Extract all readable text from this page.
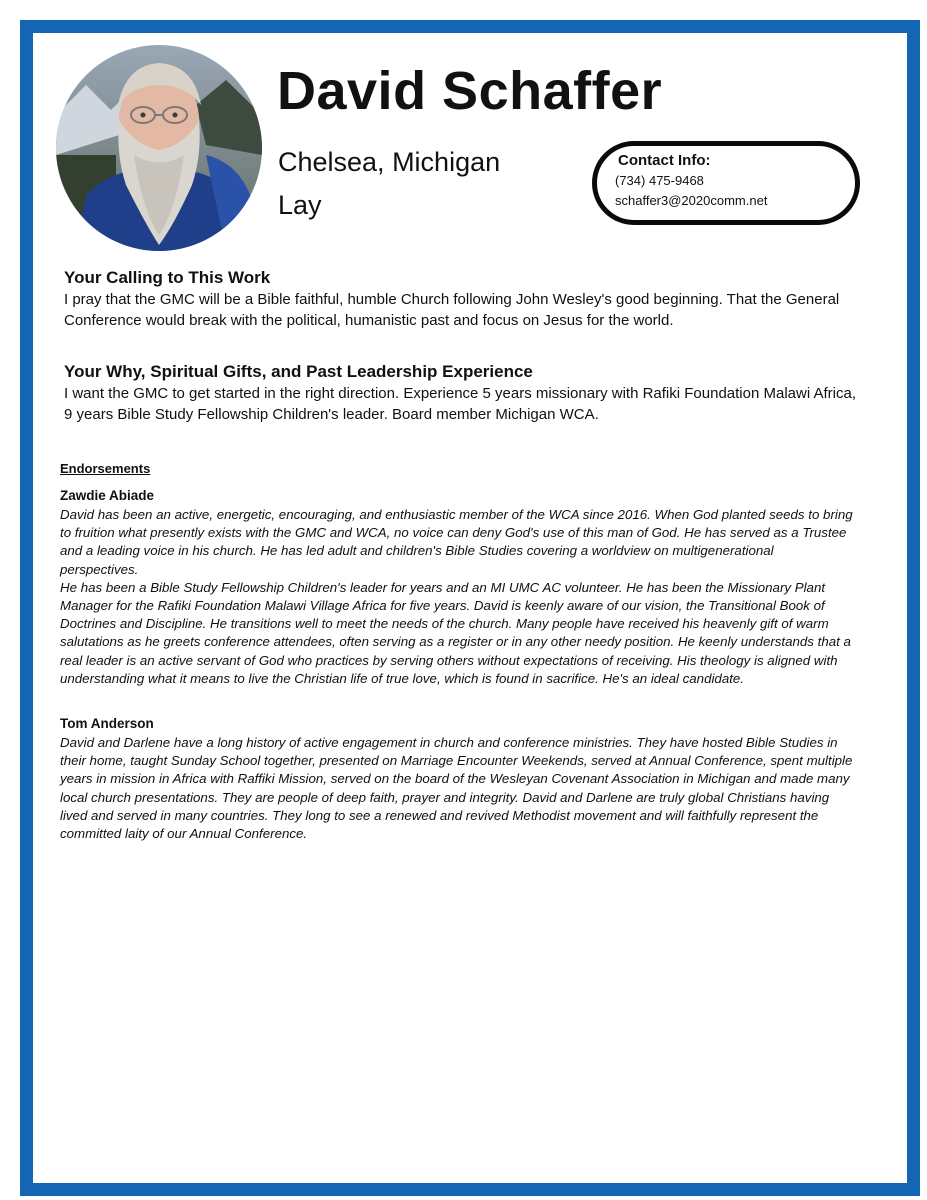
David Schaffer
Chelsea, Michigan
Lay
Contact Info:
(734) 475-9468
schaffer3@2020comm.net
Your Calling to This Work

I pray that the GMC will be a Bible faithful, humble Church following John Wesley's good beginning. That the General Conference would break with the political, humanistic past and focus on Jesus for the world.

Your Why, Spiritual Gifts, and Past Leadership Experience

I want the GMC to get started in the right direction. Experience 5 years missionary with Rafiki Foundation Malawi Africa, 9 years Bible Study Fellowship Children's leader. Board member Michigan WCA.

Endorsements
Zawdie Abiade

David has been an active, energetic, encouraging, and enthusiastic member of the WCA since 2016. When God planted seeds to bring to fruition what presently exists with the GMC and WCA, no voice can deny God's use of this man of God. He has served as a Trustee and a leading voice in his church. He has led adult and children's Bible Studies covering a worldview on multigenerational perspectives.

He has been a Bible Study Fellowship Children's leader for years and an MI UMC AC volunteer. He has been the Missionary Plant Manager for the Rafiki Foundation Malawi Village Africa for five years. David is keenly aware of our vision, the Transitional Book of Doctrines and Discipline. He transitions well to meet the needs of the church. Many people have received his heavenly gift of warm salutations as he greets conference attendees, often serving as a register or in any other needy position. He keenly understands that a real leader is an active servant of God who practices by serving others without expectations of receiving. His theology is aligned with understanding what it means to live the Christian life of true love, which is found in sacrifice. He's an ideal candidate.

Tom Anderson

David and Darlene have a long history of active engagement in church and conference ministries. They have hosted Bible Studies in their home, taught Sunday School together, presented on Marriage Encounter Weekends, served at Annual Conference, spent multiple years in mission in Africa with Raffiki Mission, served on the board of the Wesleyan Covenant Association in Michigan and made many local church presentations. They are people of deep faith, prayer and integrity. David and Darlene are truly global Christians having lived and served in many countries. They long to see a renewed and revived Methodist movement and will faithfully represent the committed laity of our Annual Conference.
